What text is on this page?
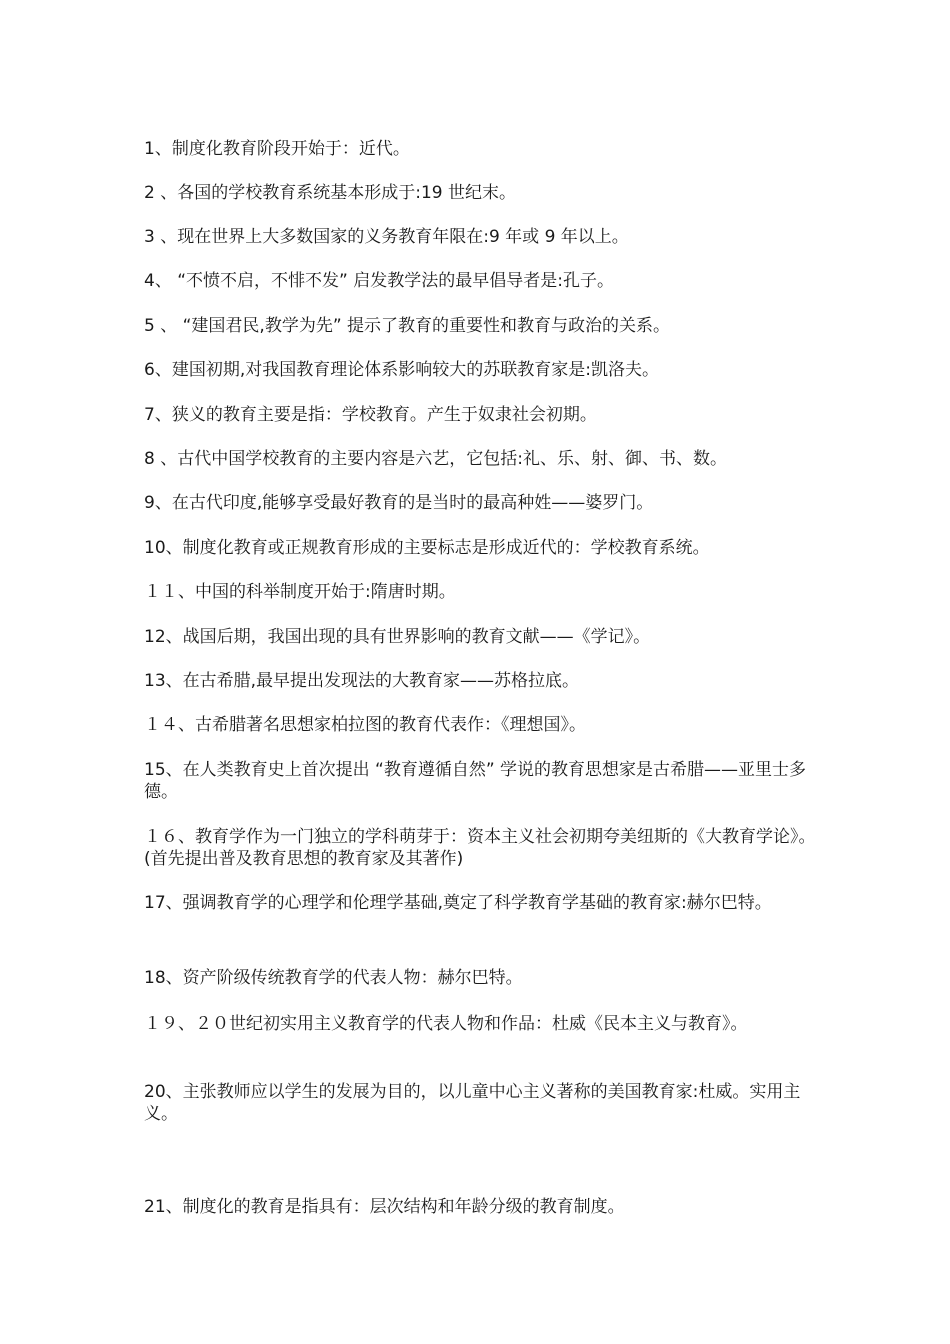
1、制度化教育阶段开始于：近代。
2 、各国的学校教育系统基本形成于:19 世纪末。
3 、现在世界上大多数国家的义务教育年限在:9 年或 9 年以上。
4、 “不愤不启，不悱不发” 启发教学法的最早倡导者是:孔子。
5 、 “建国君民,教学为先” 提示了教育的重要性和教育与政治的关系。
6、建国初期,对我国教育理论体系影响较大的苏联教育家是:凯洛夫。
7、狭义的教育主要是指：学校教育。产生于奴隶社会初期。
8 、古代中国学校教育的主要内容是六艺，它包括:礼、乐、射、御、书、数。
9、在古代印度,能够享受最好教育的是当时的最高种姓——婆罗门。
10、制度化教育或正规教育形成的主要标志是形成近代的：学校教育系统。
１１、中国的科举制度开始于:隋唐时期。
12、战国后期，我国出现的具有世界影响的教育文献——《学记》。
13、在古希腊,最早提出发现法的大教育家——苏格拉底。
１４、古希腊著名思想家柏拉图的教育代表作：《理想国》。
15、在人类教育史上首次提出 “教育遵循自然” 学说的教育思想家是古希腊——亚里士多德。
１６、教育学作为一门独立的学科萌芽于：资本主义社会初期夸美纽斯的《大教育学论》。 (首先提出普及教育思想的教育家及其著作)
17、强调教育学的心理学和伦理学基础,奠定了科学教育学基础的教育家:赫尔巴特。
18、资产阶级传统教育学的代表人物：赫尔巴特。
１９、２０世纪初实用主义教育学的代表人物和作品：杜威《民本主义与教育》。
20、主张教师应以学生的发展为目的，以儿童中心主义著称的美国教育家:杜威。实用主义。
21、制度化的教育是指具有：层次结构和年龄分级的教育制度。
